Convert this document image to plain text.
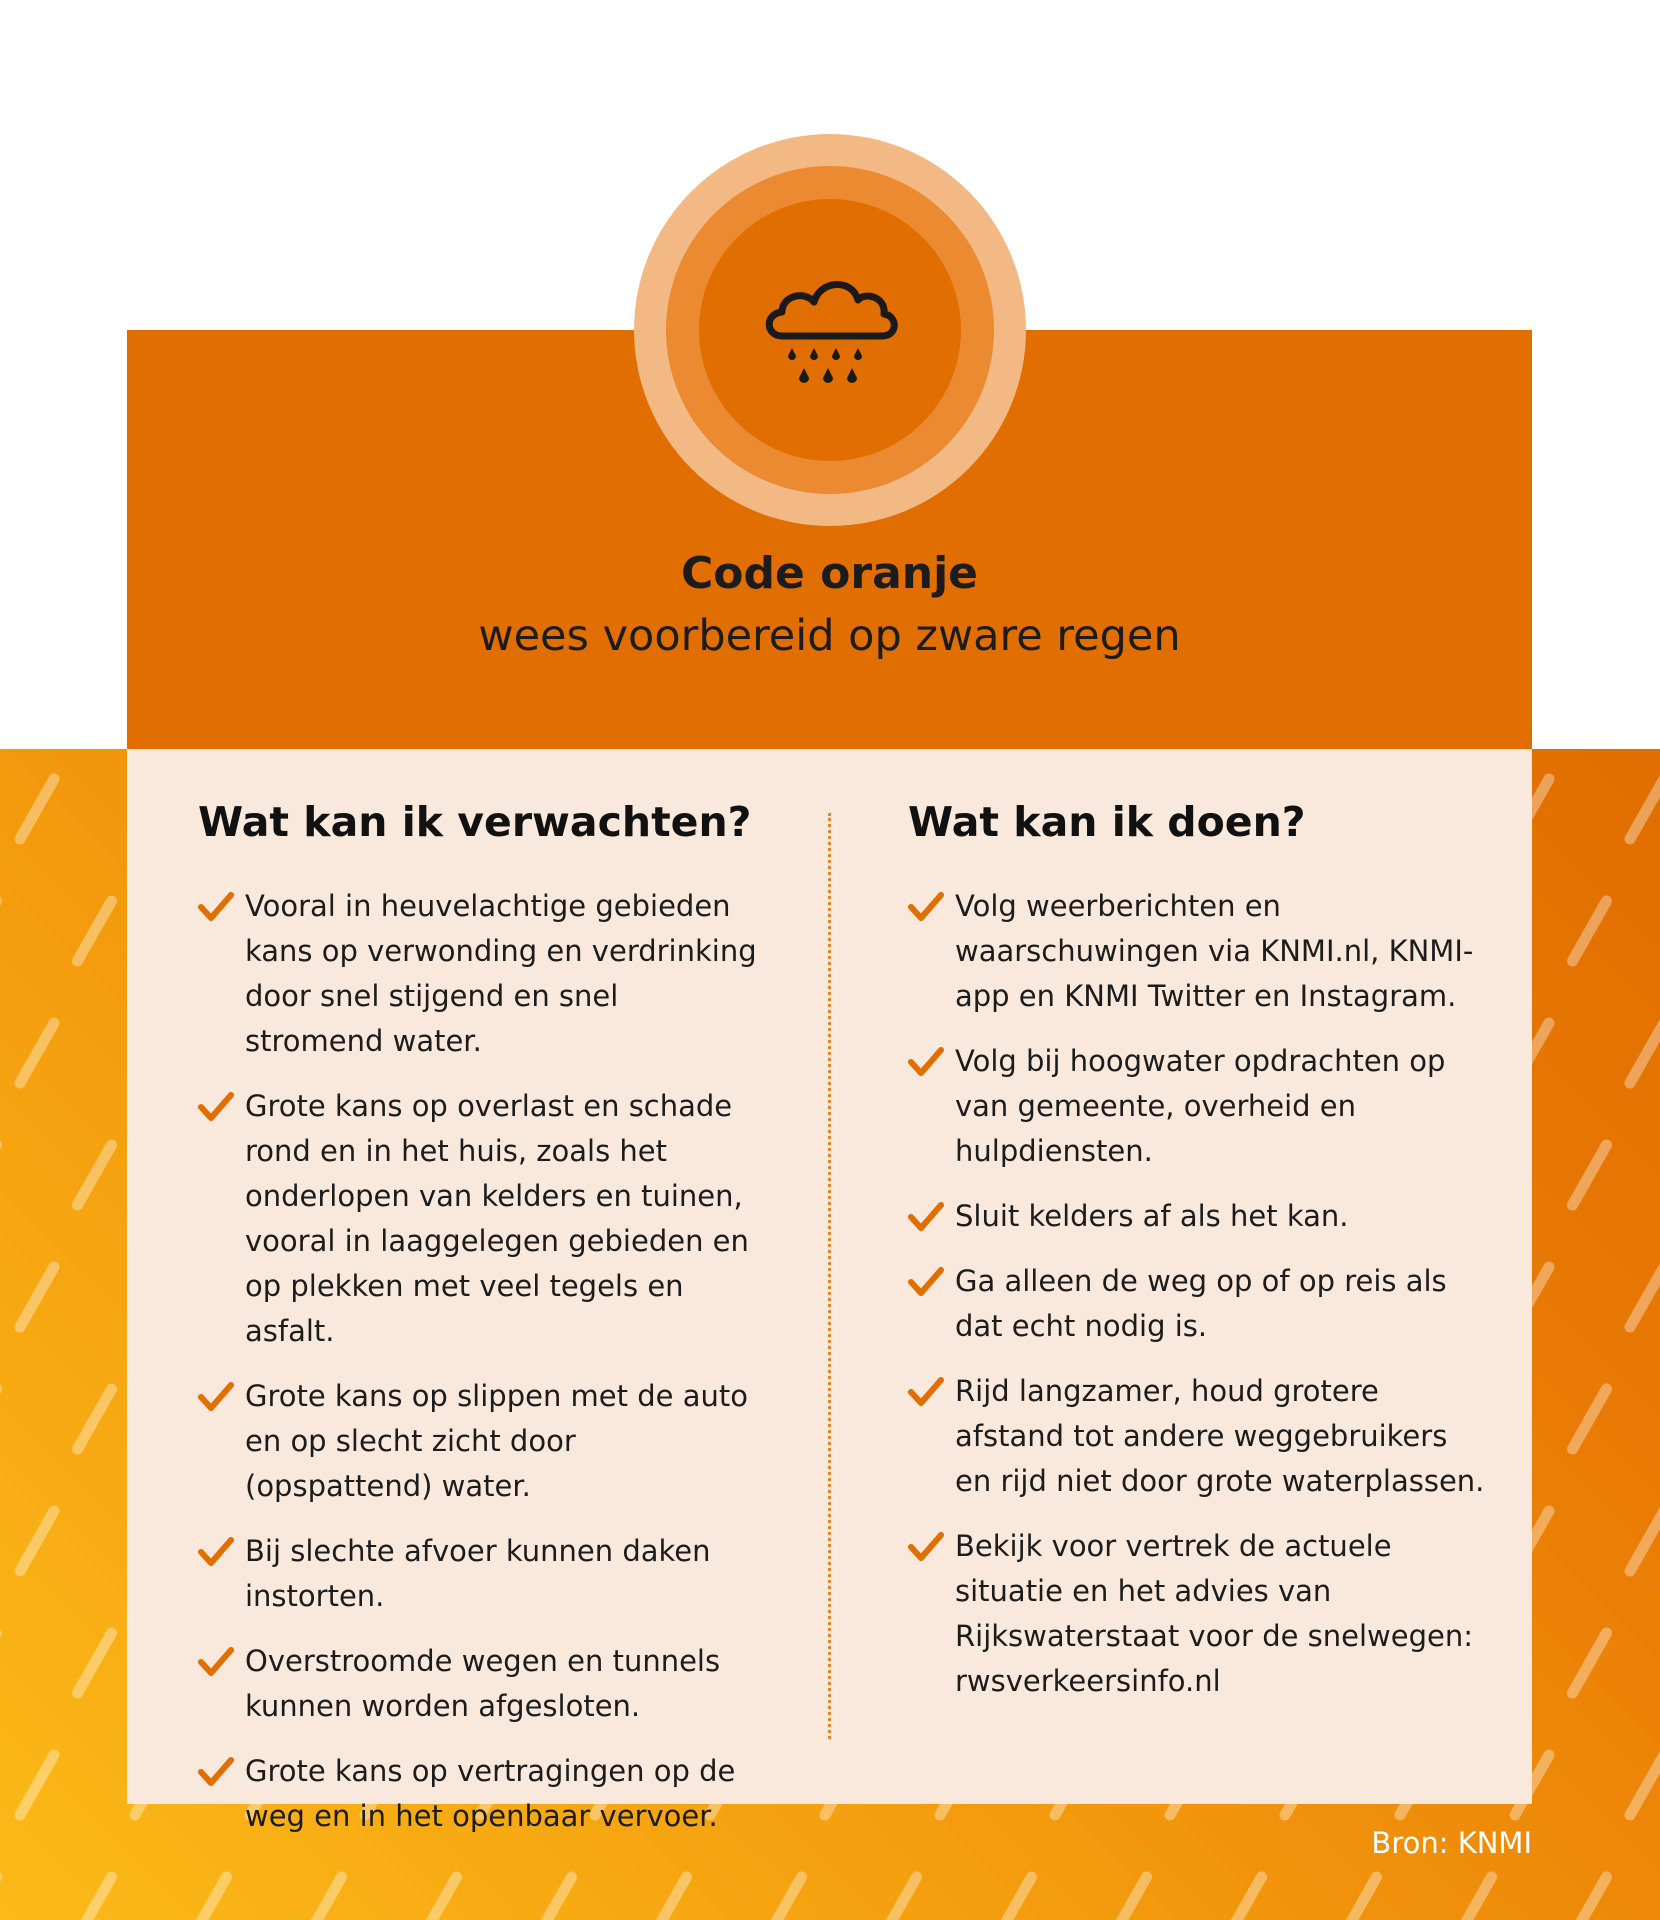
Code oranje
wees voorbereid op zware regen
Wat kan ik verwachten?
Vooral in heuvelachtige gebieden kans op verwonding en verdrinking door snel stijgend en snel stromend water.
Grote kans op overlast en schade rond en in het huis, zoals het onderlopen van kelders en tuinen, vooral in laaggelegen gebieden en op plekken met veel tegels en asfalt.
Grote kans op slippen met de auto en op slecht zicht door (opspattend) water.
Bij slechte afvoer kunnen daken instorten.
Overstroomde wegen en tunnels kunnen worden afgesloten.
Grote kans op vertragingen op de weg en in het openbaar vervoer.
Wat kan ik doen?
Volg weerberichten en waarschuwingen via KNMI.nl, KNMI-app en KNMI Twitter en Instagram.
Volg bij hoogwater opdrachten op van gemeente, overheid en hulpdiensten.
Sluit kelders af als het kan.
Ga alleen de weg op of op reis als dat echt nodig is.
Rijd langzamer, houd grotere afstand tot andere weggebruikers en rijd niet door grote waterplassen.
Bekijk voor vertrek de actuele situatie en het advies van Rijkswaterstaat voor de snelwegen: rwsverkeersinfo.nl
Bron: KNMI
